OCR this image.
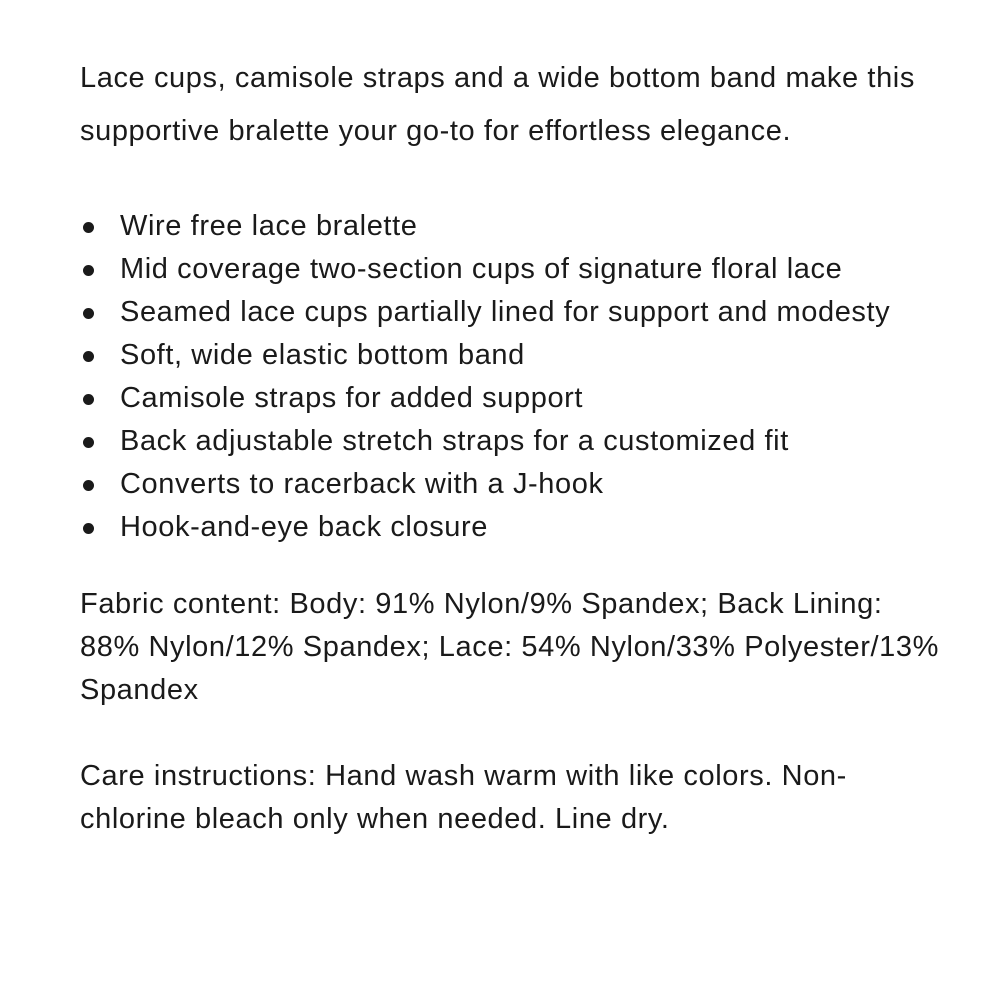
Lace cups, camisole straps and a wide bottom band make this supportive bralette your go-to for effortless elegance.

Wire free lace bralette
Mid coverage two-section cups of signature floral lace
Seamed lace cups partially lined for support and modesty
Soft, wide elastic bottom band
Camisole straps for added support
Back adjustable stretch straps for a customized fit
Converts to racerback with a J-hook
Hook-and-eye back closure

Fabric content: Body: 91% Nylon/9% Spandex; Back Lining: 88% Nylon/12% Spandex; Lace: 54% Nylon/33% Polyester/13% Spandex

Care instructions: Hand wash warm with like colors. Non-chlorine bleach only when needed. Line dry.
